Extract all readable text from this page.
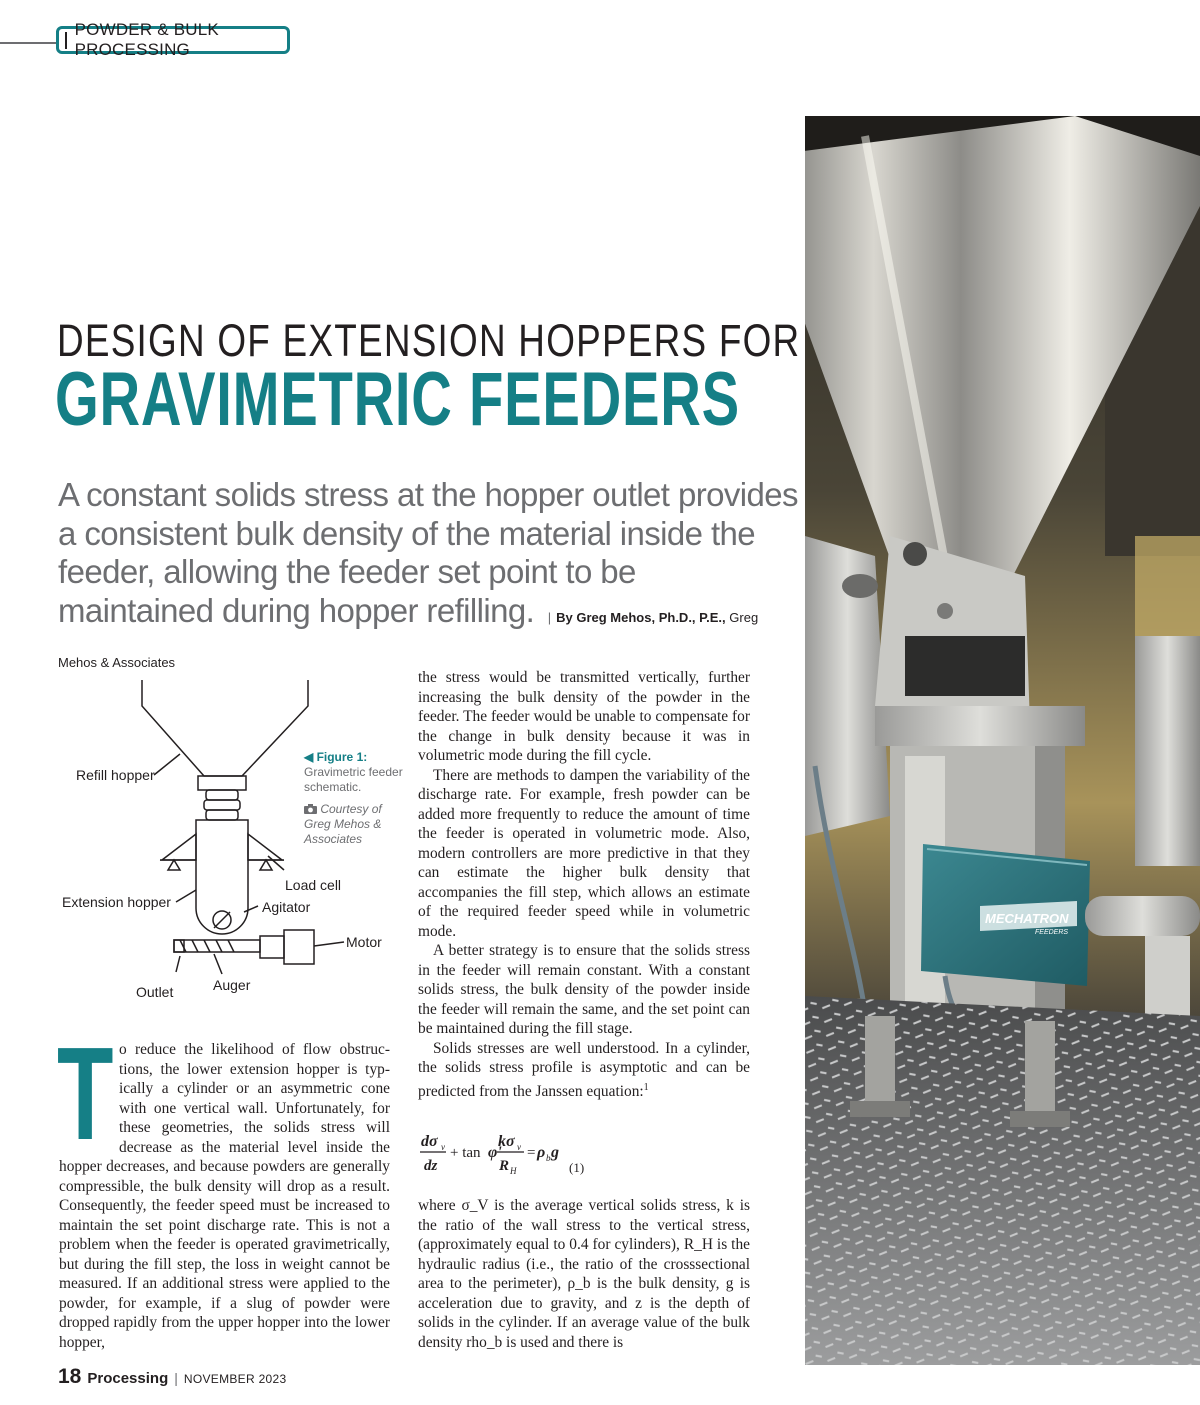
POWDER & BULK PROCESSING
MECHATRON
FEEDERS
DESIGN OF EXTENSION HOPPERS FOR
GRAVIMETRIC FEEDERS
A constant solids stress at the hopper outlet provides a consistent bulk density of the material inside the feeder, allowing the feeder set point to be maintained during hopper refilling. | By Greg Mehos, Ph.D., P.E., Greg Mehos & Associates
Refill hopper
Load cell
Extension hopper	Agitator
Motor
Outlet	Auger
◀ Figure 1:
Gravimetric feeder schematic.
Courtesy of Greg Mehos & Associates
T o reduce the likelihood of flow obstructions, the lower extension hopper is typically a cylinder or an asymmetric cone with one vertical wall. Unfortunately, for these geometries, the solids stress will decrease as the material level inside the hopper decreases, and because powders are generally compressible, the bulk density will drop as a result. Consequently, the feeder speed must be increased to maintain the set point discharge rate. This is not a problem when the feeder is operated gravimetrically, but during the fill step, the loss in weight cannot be measured. If an additional stress were applied to the powder, for example, if a slug of powder were dropped rapidly from the upper hopper into the lower hopper,

the stress would be transmitted vertically, further increasing the bulk density of the powder in the feeder. The feeder would be unable to compensate for the change in bulk density because it was in volumetric mode during the fill cycle.

There are methods to dampen the variability of the discharge rate. For example, fresh powder can be added more frequently to reduce the amount of time the feeder is operated in volumetric mode. Also, modern controllers are more predictive in that they can estimate the higher bulk density that accompanies the fill step, which allows an estimate of the required feeder speed while in volumetric mode.

A better strategy is to ensure that the solids stress in the feeder will remain constant. With a constant solids stress, the bulk density of the powder inside the feeder will remain the same, and the set point can be maintained during the fill stage.

Solids stresses are well understood. In a cylinder, the solids stress profile is asymptotic and can be predicted from the Janssen equation:$^1$

dσ v
dz
+ tan φ'
kσ v
R H
= ρ b g
(1)

where σ_V is the average vertical solids stress, k is the ratio of the wall stress to the vertical stress, (approximately equal to 0.4 for cylinders), R_H is the hydraulic radius (i.e., the ratio of the crosssectional area to the perimeter), ρ_b is the bulk density, g is acceleration due to gravity, and z is the depth of solids in the cylinder. If an average value of the bulk density rho_b is used and there is

18 Processing | NOVEMBER 2023
